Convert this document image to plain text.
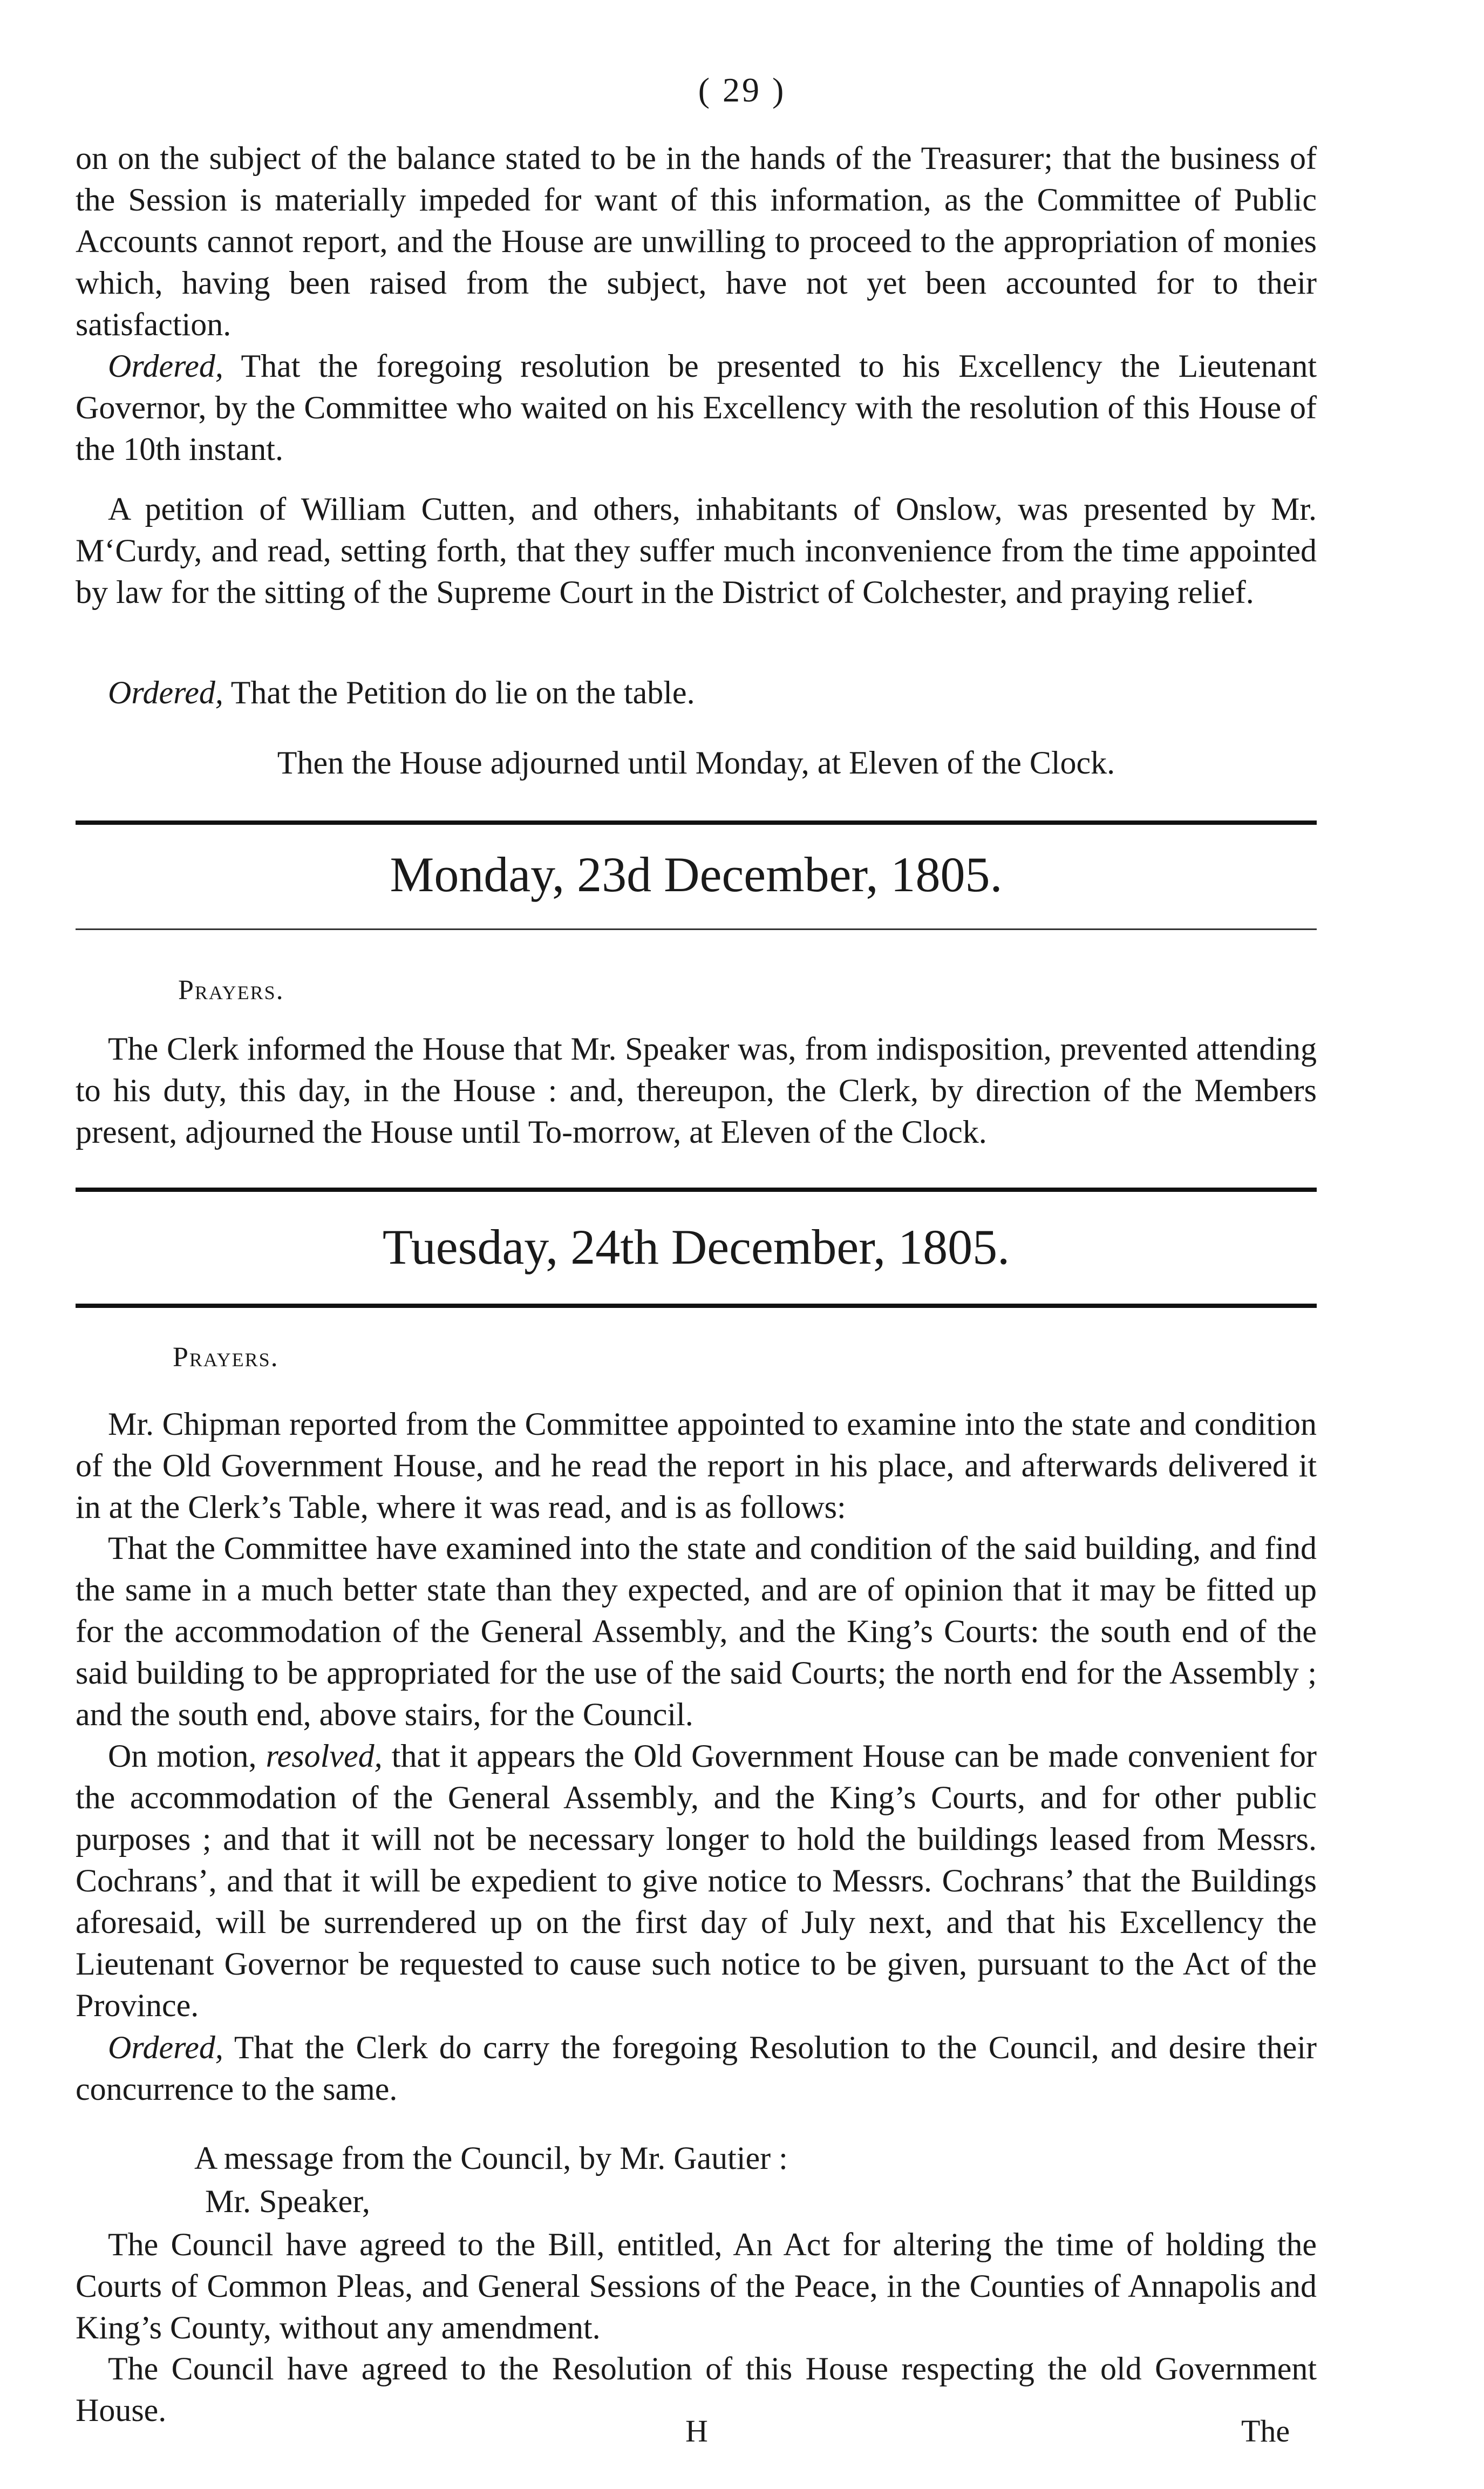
( 29 )

on on the subject of the balance stated to be in the hands of the Treasurer; that the business of the Session is materially impeded for want of this information, as the Committee of Public Accounts cannot report, and the House are unwilling to proceed to the appropriation of monies which, having been raised from the subject, have not yet been accounted for to their satisfaction.

Ordered, That the foregoing resolution be presented to his Excellency the Lieutenant Governor, by the Committee who waited on his Excellency with the resolution of this House of the 10th instant.

A petition of William Cutten, and others, inhabitants of Onslow, was presented by Mr. M‘Curdy, and read, setting forth, that they suffer much inconvenience from the time appointed by law for the sitting of the Supreme Court in the District of Colchester, and praying relief.

Ordered, That the Petition do lie on the table.

Then the House adjourned until Monday, at Eleven of the Clock.

Monday, 23d December, 1805.
Prayers.

The Clerk informed the House that Mr. Speaker was, from indisposition, prevented attending to his duty, this day, in the House : and, thereupon, the Clerk, by direction of the Members present, adjourned the House until To-morrow, at Eleven of the Clock.

Tuesday, 24th December, 1805.
Prayers.

Mr. Chipman reported from the Committee appointed to examine into the state and condition of the Old Government House, and he read the report in his place, and afterwards delivered it in at the Clerk’s Table, where it was read, and is as follows:

That the Committee have examined into the state and condition of the said building, and find the same in a much better state than they expected, and are of opinion that it may be fitted up for the accommodation of the General Assembly, and the King’s Courts: the south end of the said building to be appropriated for the use of the said Courts; the north end for the Assembly ; and the south end, above stairs, for the Council.

On motion, resolved, that it appears the Old Government House can be made convenient for the accommodation of the General Assembly, and the King’s Courts, and for other public purposes ; and that it will not be necessary longer to hold the buildings leased from Messrs. Cochrans’, and that it will be expedient to give notice to Messrs. Cochrans’ that the Buildings aforesaid, will be surrendered up on the first day of July next, and that his Excellency the Lieutenant Governor be requested to cause such notice to be given, pursuant to the Act of the Province.

Ordered, That the Clerk do carry the foregoing Resolution to the Council, and desire their concurrence to the same.

A message from the Council, by Mr. Gautier :

Mr. Speaker,

The Council have agreed to the Bill, entitled, An Act for altering the time of holding the Courts of Common Pleas, and General Sessions of the Peace, in the Counties of Annapolis and King’s County, without any amendment.

The Council have agreed to the Resolution of this House respecting the old Government House.

H	The
